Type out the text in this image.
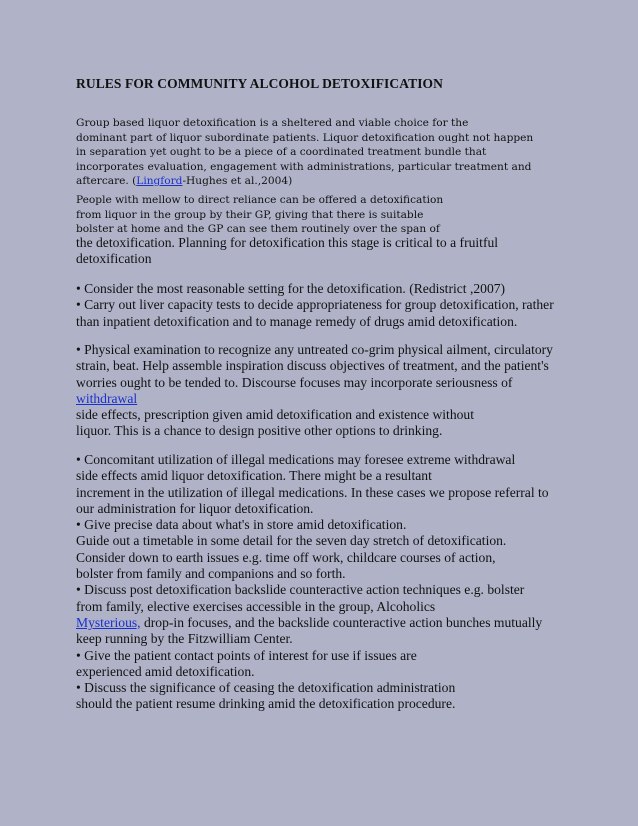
RULES FOR COMMUNITY ALCOHOL DETOXIFICATION
Group based liquor detoxification is a sheltered and viable choice for the
dominant part of liquor subordinate patients. Liquor detoxification ought not happen
in separation yet ought to be a piece of a coordinated treatment bundle that
incorporates evaluation, engagement with administrations, particular treatment and
aftercare. (Lingford-Hughes et al.,2004)
People with mellow to direct reliance can be offered a detoxification
from liquor in the group by their GP, giving that there is suitable
bolster at home and the GP can see them routinely over the span of
the detoxification. Planning for detoxification this stage is critical to a fruitful
detoxification
• Consider the most reasonable setting for the detoxification. (Redistrict ,2007)
• Carry out liver capacity tests to decide appropriateness for group detoxification, rather
than inpatient detoxification and to manage remedy of drugs amid detoxification.
• Physical examination to recognize any untreated co-grim physical ailment, circulatory
strain, beat. Help assemble inspiration discuss objectives of treatment, and the patient's
worries ought to be tended to. Discourse focuses may incorporate seriousness of
withdrawal
side effects, prescription given amid detoxification and existence without
liquor. This is a chance to design positive other options to drinking.
• Concomitant utilization of illegal medications may foresee extreme withdrawal
side effects amid liquor detoxification. There might be a resultant
increment in the utilization of illegal medications. In these cases we propose referral to
our administration for liquor detoxification.
• Give precise data about what's in store amid detoxification.
Guide out a timetable in some detail for the seven day stretch of detoxification.
Consider down to earth issues e.g. time off work, childcare courses of action,
bolster from family and companions and so forth.
• Discuss post detoxification backslide counteractive action techniques e.g. bolster
from family, elective exercises accessible in the group, Alcoholics
Mysterious, drop-in focuses, and the backslide counteractive action bunches mutually
keep running by the Fitzwilliam Center.
• Give the patient contact points of interest for use if issues are
experienced amid detoxification.
• Discuss the significance of ceasing the detoxification administration
should the patient resume drinking amid the detoxification procedure.
